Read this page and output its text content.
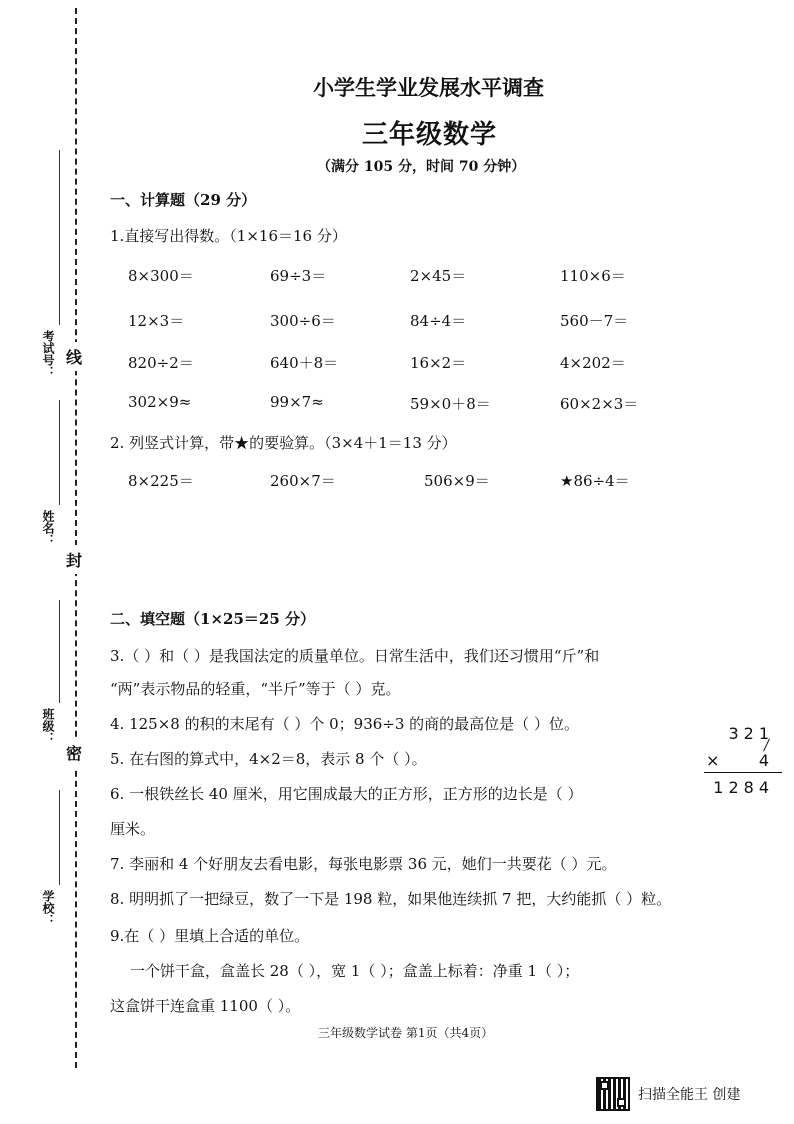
考试号：
姓名：
班级：
学校：
线
封
密
小学生学业发展水平调查
三年级数学
（满分 105 分，时间 70 分钟）
一、计算题（29 分）
1.直接写出得数。（1×16＝16 分）
8×300＝	69÷3＝	2×45＝	110×6＝
12×3＝	300÷6＝	84÷4＝	560－7＝
820÷2＝	640＋8＝	16×2＝	4×202＝
302×9≈	99×7≈	59×0＋8＝	60×2×3＝
2. 列竖式计算，带★的要验算。（3×4＋1＝13 分）
8×225＝	260×7＝	506×9＝	★86÷4＝
二、填空题（1×25＝25 分）
3.（ ）和（ ）是我国法定的质量单位。日常生活中，我们还习惯用“斤”和
“两”表示物品的轻重，“半斤”等于（ ）克。
4. 125×8 的积的末尾有（ ）个 0；936÷3 的商的最高位是（ ）位。
5. 在右图的算式中，4×2＝8，表示 8 个（ ）。
6. 一根铁丝长 40 厘米，用它围成最大的正方形，正方形的边长是（ ）
厘米。
7. 李丽和 4 个好朋友去看电影，每张电影票 36 元，她们一共要花（ ）元。
8. 明明抓了一把绿豆，数了一下是 198 粒，如果他连续抓 7 把，大约能抓（ ）粒。
9.在（ ）里填上合适的单位。
一个饼干盒，盒盖长 28（ ），宽 1（ ）；盒盖上标着：净重 1（ ）；
这盒饼干连盒重 1100（ ）。
321
× 4
1284
三年级数学试卷 第1页（共4页）
扫描全能王 创建
